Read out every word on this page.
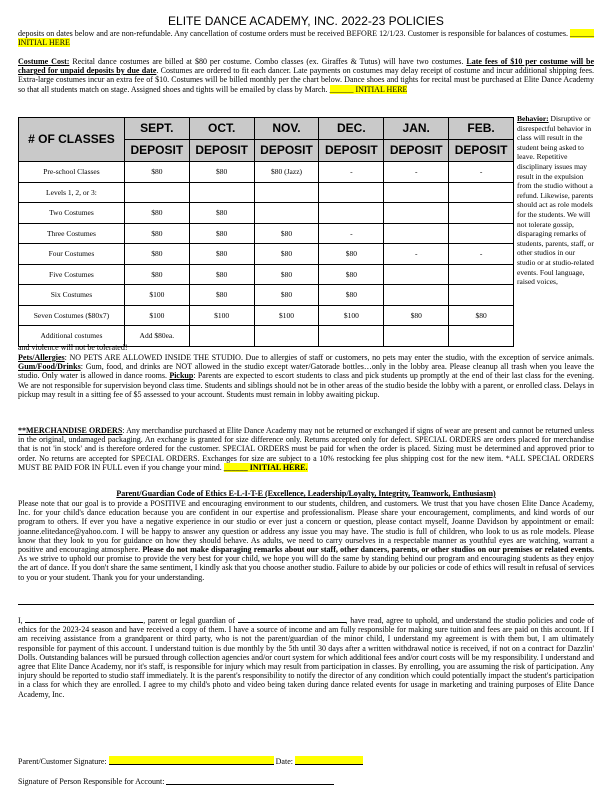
ELITE DANCE ACADEMY, INC. 2022-23 POLICIES
deposits on dates below and are non-refundable. Any cancellation of costume orders must be received BEFORE 12/1/23. Customer is responsible for balances of costumes. ______ INITIAL HERE
Costume Cost: Recital dance costumes are billed at $80 per costume. Combo classes (ex. Giraffes & Tutus) will have two costumes. Late fees of $10 per costume will be charged for unpaid deposits by due date. Costumes are ordered to fit each dancer. Late payments on costumes may delay receipt of costume and incur additional shipping fees. Extra-large costumes incur an extra fee of $10. Costumes will be billed monthly per the chart below. Dance shoes and tights for recital must be purchased at Elite Dance Academy so that all students match on stage. Assigned shoes and tights will be emailed by class by March. ______ INITIAL HERE
# OF CLASSES	SEPT.	OCT.	NOV.	DEC.	JAN.	FEB.
	DEPOSIT	DEPOSIT	DEPOSIT	DEPOSIT	DEPOSIT	DEPOSIT
Pre-school Classes	$80	$80	$80 (Jazz)	-	-	-
Levels 1, 2, or 3:						
Two Costumes	$80	$80				
Three Costumes	$80	$80	$80	-		
Four Costumes	$80	$80	$80	$80	-	-
Five Costumes	$80	$80	$80	$80		
Six Costumes	$100	$80	$80	$80		
Seven Costumes ($80x7)	$100	$100	$100	$100	$80	$80
Additional costumes	Add $80ea.					
Behavior: Disruptive or disrespectful behavior in class will result in the student being asked to leave. Repetitive disciplinary issues may result in the expulsion from the studio without a refund. Likewise, parents should act as role models for the students. We will not tolerate gossip, disparaging remarks of students, parents, staff, or other studios in our studio or at studio-related events. Foul language, raised voices,
and violence will not be tolerated!
Pets/Allergies: NO PETS ARE ALLOWED INSIDE THE STUDIO. Due to allergies of staff or customers, no pets may enter the studio, with the exception of service animals. Gum/Food/Drinks: Gum, food, and drinks are NOT allowed in the studio except water/Gatorade bottles…only in the lobby area. Please cleanup all trash when you leave the studio. Only water is allowed in dance rooms. Pickup: Parents are expected to escort students to class and pick students up promptly at the end of their last class for the evening. We are not responsible for supervision beyond class time. Students and siblings should not be in other areas of the studio beside the lobby with a parent, or enrolled class. Delays in pickup may result in a sitting fee of $5 assessed to your account. Students must remain in lobby awaiting pickup.
**MERCHANDISE ORDERS: Any merchandise purchased at Elite Dance Academy may not be returned or exchanged if signs of wear are present and cannot be returned unless in the original, undamaged packaging. An exchange is granted for size difference only. Returns accepted only for defect. SPECIAL ORDERS are orders placed for merchandise that is not 'in stock' and is therefore ordered for the customer. SPECIAL ORDERS must be paid for when the order is placed. Sizing must be determined and approved prior to order. No returns are accepted for SPECIAL ORDERS. Exchanges for size are subject to a 10% restocking fee plus shipping cost for the new item. *ALL SPECIAL ORDERS MUST BE PAID FOR IN FULL even if you change your mind. ______ INITIAL HERE.
Parent/Guardian Code of Ethics E-L-I-T-E (Excellence, Leadership/Loyalty, Integrity, Teamwork, Enthusiasm)
Please note that our goal is to provide a POSITIVE and encouraging environment to our students, children, and customers. We trust that you have chosen Elite Dance Academy, Inc. for your child's dance education because you are confident in our expertise and professionalism. Please share your encouragement, compliments, and kind words of our program to others. If ever you have a negative experience in our studio or ever just a concern or question, please contact myself, Joanne Davidson by appointment or email: joanne.elitedance@yahoo.com. I will be happy to answer any question or address any issue you may have. The studio is full of children, who look to us as role models. Please know that they look to you for guidance on how they should behave. As adults, we need to carry ourselves in a respectable manner as youthful eyes are watching, warrant a positive and encouraging atmosphere. Please do not make disparaging remarks about our staff, other dancers, parents, or other studios on our premises or related events. As we strive to uphold our promise to provide the very best for your child, we hope you will do the same by standing behind our program and encouraging students as they enjoy the art of dance. If you don't share the same sentiment, I kindly ask that you choose another studio. Failure to abide by our policies or code of ethics will result in refusal of services to you or your student. Thank you for your understanding.
I,	, parent or legal guardian of	, have read, agree to uphold, and understand the studio policies and code of ethics for the 2023-24 season and have received a copy of them. I have a source of income and am fully responsible for making sure tuition and fees are paid on this account. If I am receiving assistance from a grandparent or third party, who is not the parent/guardian of the minor child, I understand my agreement is with them but, I am ultimately responsible for payment of this account. I understand tuition is due monthly by the 5th until 30 days after a written withdrawal notice is received, if not on a contract for Dazzlin' Dolls. Outstanding balances will be pursued through collection agencies and/or court system for which additional fees and/or court costs will be my responsibility. I understand and agree that Elite Dance Academy, nor it's staff, is responsible for injury which may result from participation in classes. By enrolling, you are assuming the risk of participation. Any injury should be reported to studio staff immediately. It is the parent's responsibility to notify the director of any condition which could potentially impact the student's participation in a class for which they are enrolled. I agree to my child's photo and video being taken during dance related events for usage in marketing and training purposes of Elite Dance Academy, Inc.
Parent/Customer Signature:	Date:
Signature of Person Responsible for Account:
